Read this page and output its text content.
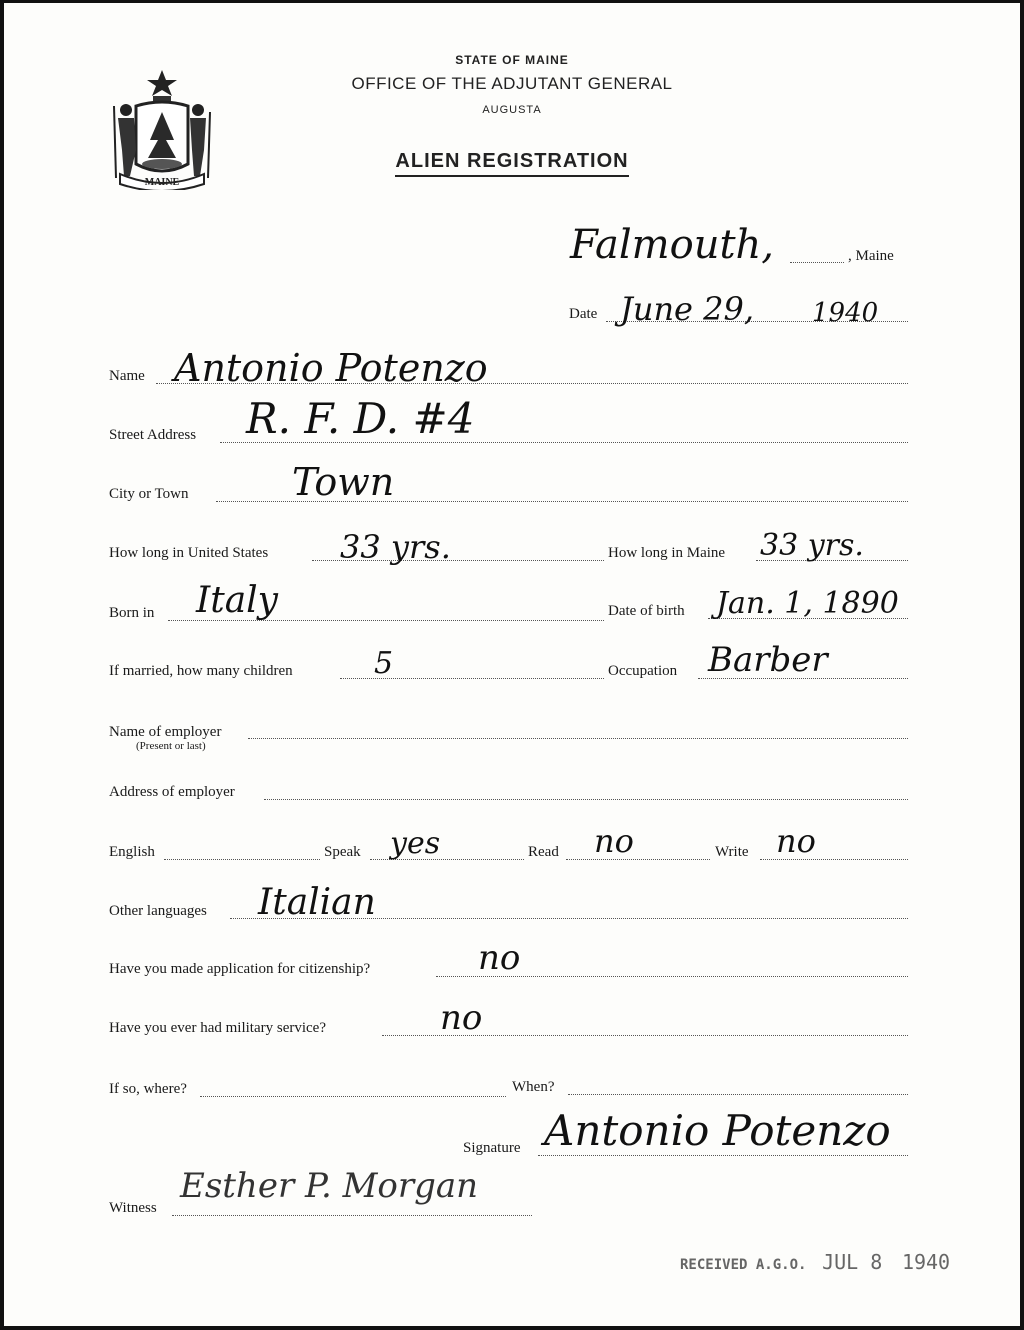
MAINE
STATE OF MAINE
OFFICE OF THE ADJUTANT GENERAL
AUGUSTA
ALIEN REGISTRATION
Falmouth,	, Maine
Date June 29, 1940
Name Antonio Potenzo
Street Address R. F. D. #4
City or Town	Town
How long in United States 33 yrs.	How long in Maine 33 yrs.
Born in Italy	Date of birth Jan. 1, 1890
If married, how many children	5	Occupation Barber
Name of employer
(Present or last)
Address of employer
English	Speak yes	Read no	Write no
Other languages Italian
Have you made application for citizenship?	no
Have you ever had military service?	no
If so, where?	When?
Signature Antonio Potenzo
Witness
Esther P. Morgan
RECEIVED A.G.O. JUL 8 1940
